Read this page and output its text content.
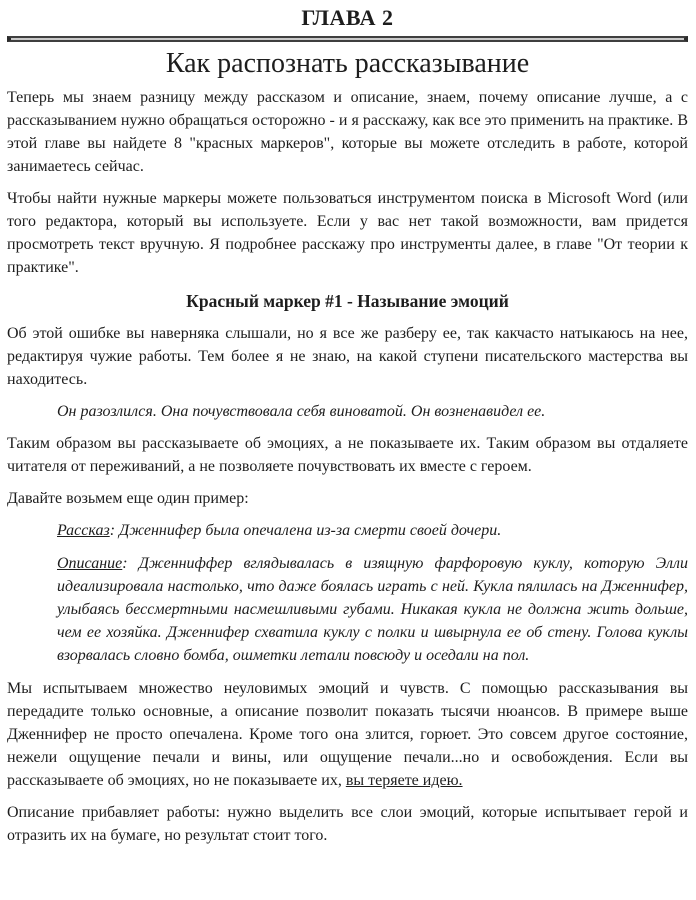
ГЛАВА 2
Как распознать рассказывание

Теперь мы знаем разницу между рассказом и описание, знаем, почему описание лучше, а с рассказыванием нужно обращаться осторожно - и я расскажу, как все это применить на практике. В этой главе вы найдете 8 "красных маркеров", которые вы можете отследить в работе, которой занимаетесь сейчас.

Чтобы найти нужные маркеры можете пользоваться инструментом поиска в Microsoft Word (или того редактора, который вы используете. Если у вас нет такой возможности, вам придется просмотреть текст вручную. Я подробнее расскажу про инструменты далее, в главе "От теории к практике".

Красный маркер #1 - Называние эмоций

Об этой ошибке вы наверняка слышали, но я все же разберу ее, так какчасто натыкаюсь на нее, редактируя чужие работы. Тем более я не знаю, на какой ступени писательского мастерства вы находитесь.

Он разозлился. Она почувствовала себя виноватой. Он возненавидел ее.

Таким образом вы рассказываете об эмоциях, а не показываете их. Таким образом вы отдаляете читателя от переживаний, а не позволяете почувствовать их вместе с героем.

Давайте возьмем еще один пример:

Рассказ: Дженнифер была опечалена из-за смерти своей дочери.

Описание: Дженниффер вглядывалась в изящную фарфоровую куклу, которую Элли идеализировала настолько, что даже боялась играть с ней. Кукла пялилась на Дженнифер, улыбаясь бессмертными насмешливыми губами. Никакая кукла не должна жить дольше, чем ее хозяйка. Дженнифер схватила куклу с полки и швырнула ее об стену. Голова куклы взорвалась словно бомба, ошметки летали повсюду и оседали на пол.

Мы испытываем множество неуловимых эмоций и чувств. С помощью рассказывания вы передадите только основные, а описание позволит показать тысячи нюансов. В примере выше Дженнифер не просто опечалена. Кроме того она злится, горюет. Это совсем другое состояние, нежели ощущение печали и вины, или ощущение печали...но и освобождения. Если вы рассказываете об эмоциях, но не показываете их, вы теряете идею.

Описание прибавляет работы: нужно выделить все слои эмоций, которые испытывает герой и отразить их на бумаге, но результат стоит того.
